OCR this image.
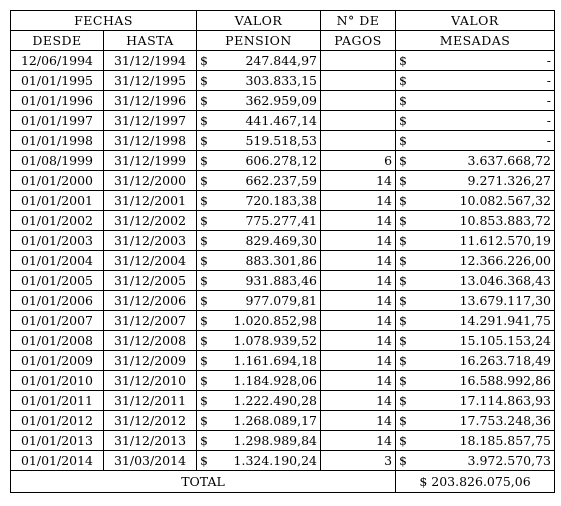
FECHAS		VALOR	N° DE	VALOR
DESDE	HASTA	PENSION	PAGOS	MESADAS
12/06/1994	31/12/1994	$ 247.844,97		$ -

01/01/1995	31/12/1995	$ 303.833,15		$ -

01/01/1996	31/12/1996	$ 362.959,09		$ -

01/01/1997	31/12/1997	$ 441.467,14		$ -

01/01/1998	31/12/1998	$ 519.518,53		$ -

01/08/1999	31/12/1999	$ 606.278,12	6	$ 3.637.668,72

01/01/2000	31/12/2000	$ 662.237,59	14	$ 9.271.326,27

01/01/2001	31/12/2001	$ 720.183,38	14	$ 10.082.567,32

01/01/2002	31/12/2002	$ 775.277,41	14	$ 10.853.883,72

01/01/2003	31/12/2003	$ 829.469,30	14	$ 11.612.570,19

01/01/2004	31/12/2004	$ 883.301,86	14	$ 12.366.226,00

01/01/2005	31/12/2005	$ 931.883,46	14	$ 13.046.368,43

01/01/2006	31/12/2006	$ 977.079,81	14	$ 13.679.117,30

01/01/2007	31/12/2007	$ 1.020.852,98	14	$ 14.291.941,75

01/01/2008	31/12/2008	$ 1.078.939,52	14	$ 15.105.153,24

01/01/2009	31/12/2009	$ 1.161.694,18	14	$ 16.263.718,49

01/01/2010	31/12/2010	$ 1.184.928,06	14	$ 16.588.992,86

01/01/2011	31/12/2011	$ 1.222.490,28	14	$ 17.114.863,93

01/01/2012	31/12/2012	$ 1.268.089,17	14	$ 17.753.248,36

01/01/2013	31/12/2013	$ 1.298.989,84	14	$ 18.185.857,75

01/01/2014	31/03/2014	$ 1.324.190,24	3	$ 3.972.570,73

TOTAL				$ 203.826.075,06
